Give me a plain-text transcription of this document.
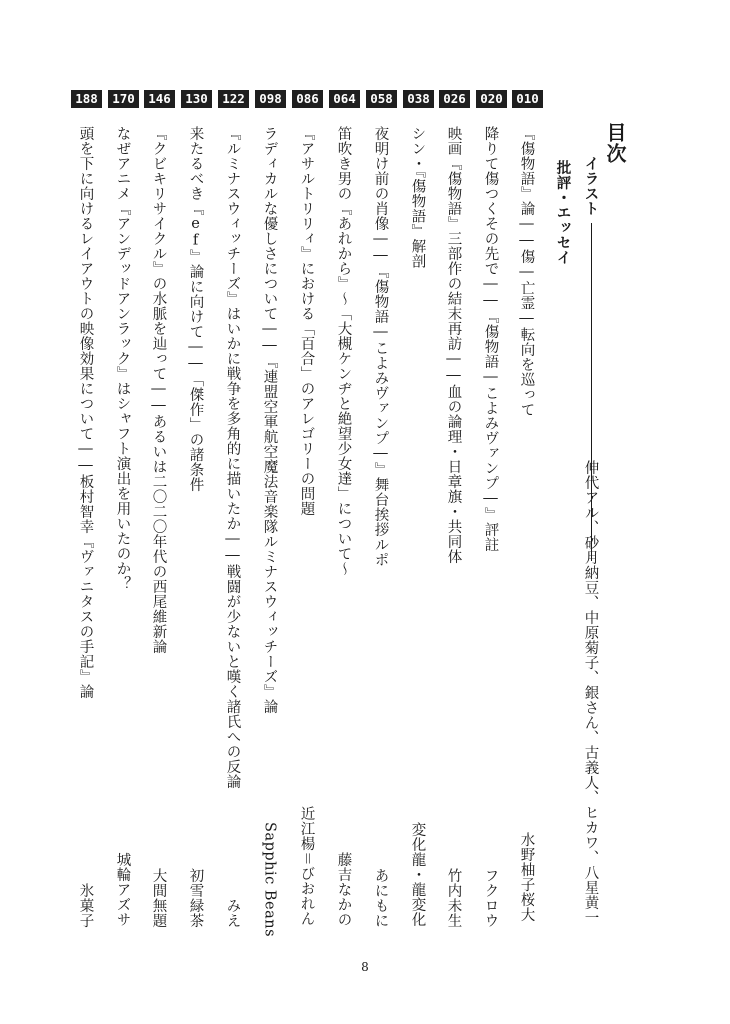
目次
イラスト
伸代アル、砂月納豆、中原菊子、銀さん、古義人、ヒカワ、八星黄一
批評・エッセイ
010
020
026
038
058
064
086
098
122
130
146
170
188
『傷物語』論――傷―亡霊―転向を巡って
降りて傷つくその先で――『傷物語―こよみヴァンプ―』評註
映画『傷物語』三部作の結末再訪――血の論理・日章旗・共同体
シン・『傷物語』解剖
夜明け前の肖像――『傷物語―こよみヴァンプ―』舞台挨拶ルポ
笛吹き男の『あれから』～「大槻ケンヂと絶望少女達」について～
『アサルトリリィ』における「百合」のアレゴリーの問題
ラディカルな優しさについて――『連盟空軍航空魔法音楽隊ルミナスウィッチーズ』論
『ルミナスウィッチーズ』はいかに戦争を多角的に描いたか――戦闘が少ないと嘆く諸氏への反論
来たるべき『ef』論に向けて――「傑作」の諸条件
『クビキリサイクル』の水脈を辿って――あるいは二〇二〇年代の西尾維新論
なぜアニメ『アンデッドアンラック』はシャフト演出を用いたのか？
頭を下に向けるレイアウトの映像効果について――板村智幸『ヴァニタスの手記』論
水野柚子桜大
フクロウ
竹内未生
変化龍・龍変化
あにもに
藤吉なかの
近江楊＝びおれん
Sapphic Beans
みえ
初雪緑茶
大間無題
城輪アズサ
氷菓子
8
